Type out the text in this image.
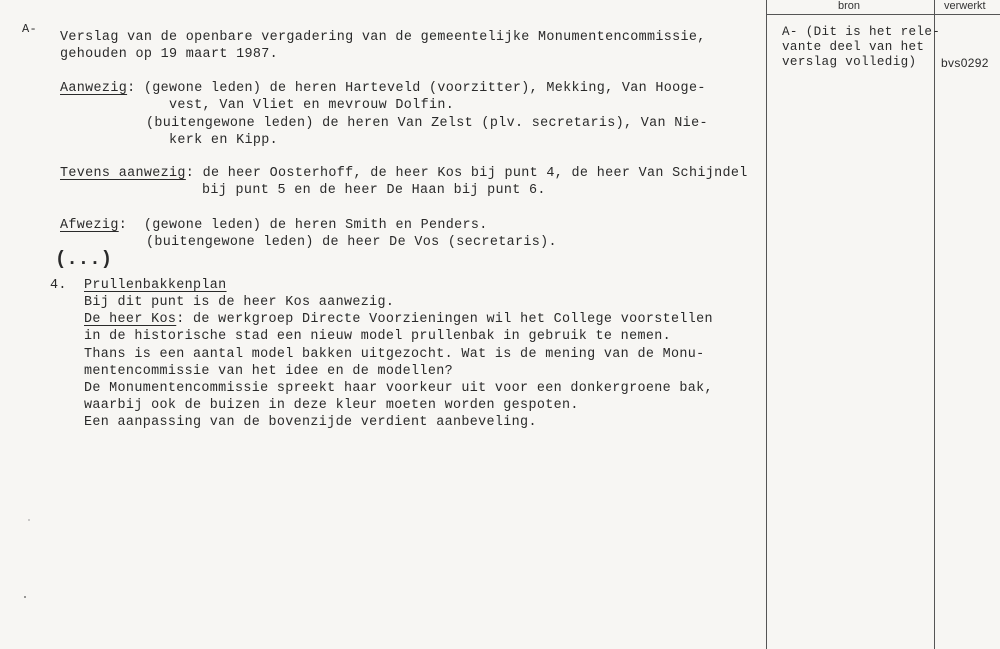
bron	verwerkt
A- (Dit is het rele-
vante deel van het
verslag volledig) bvs0292
A-
Verslag van de openbare vergadering van de gemeentelijke Monumentencommissie,
gehouden op 19 maart 1987.
Aanwezig: (gewone leden) de heren Harteveld (voorzitter), Mekking, Van Hooge-
vest, Van Vliet en mevrouw Dolfin.
(buitengewone leden) de heren Van Zelst (plv. secretaris), Van Nie-
kerk en Kipp.
Tevens aanwezig: de heer Oosterhoff, de heer Kos bij punt 4, de heer Van Schijndel
bij punt 5 en de heer De Haan bij punt 6.
Afwezig:  (gewone leden) de heren Smith en Penders.
(buitengewone leden) de heer De Vos (secretaris).
(...)
4. Prullenbakkenplan
Bij dit punt is de heer Kos aanwezig.
De heer Kos: de werkgroep Directe Voorzieningen wil het College voorstellen
in de historische stad een nieuw model prullenbak in gebruik te nemen.
Thans is een aantal model bakken uitgezocht. Wat is de mening van de Monu-
mentencommissie van het idee en de modellen?
De Monumentencommissie spreekt haar voorkeur uit voor een donkergroene bak,
waarbij ook de buizen in deze kleur moeten worden gespoten.
Een aanpassing van de bovenzijde verdient aanbeveling.
